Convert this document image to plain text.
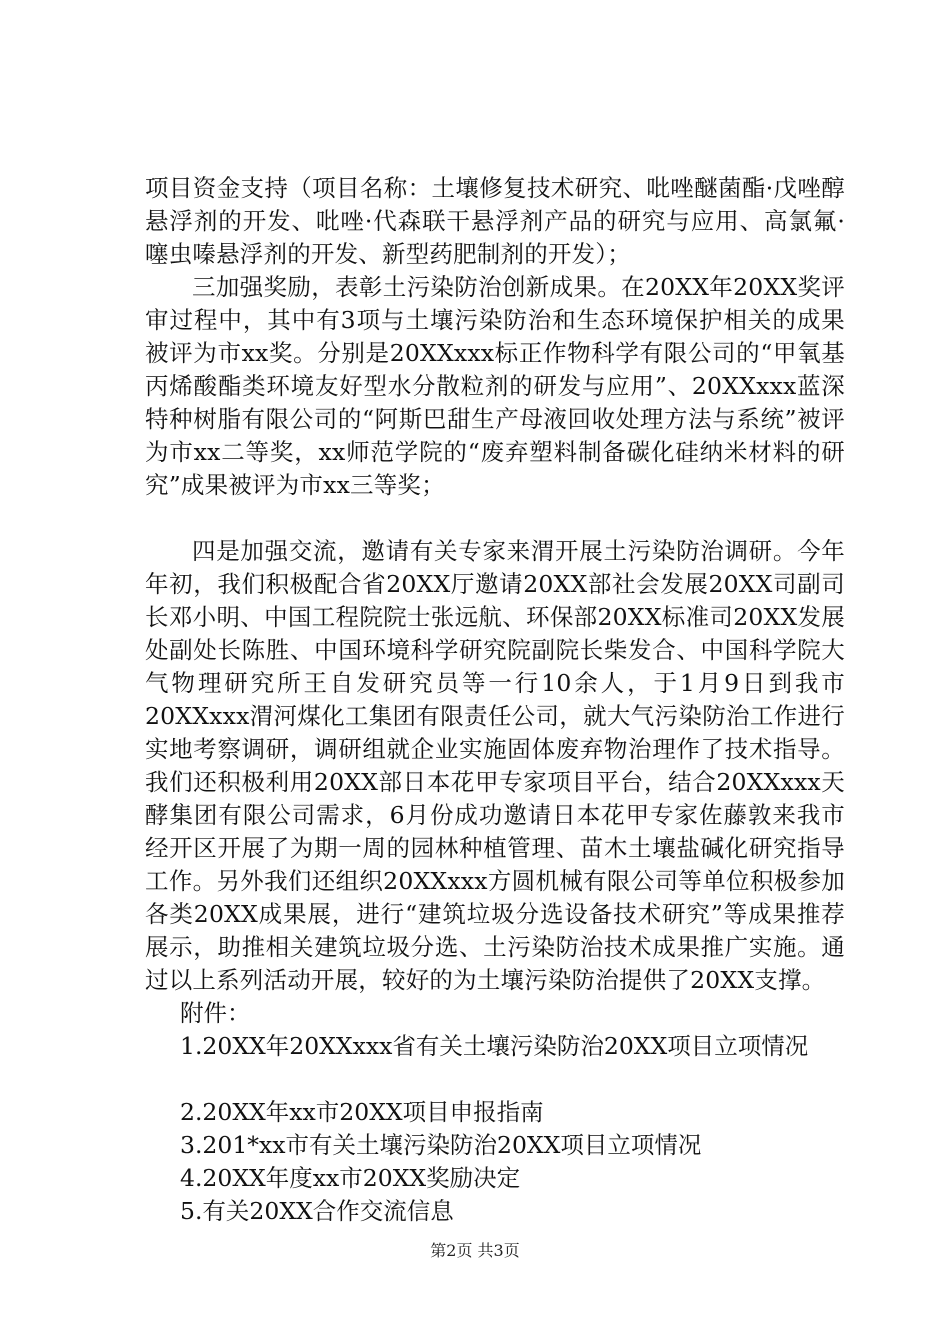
项目资金支持（项目名称：土壤修复技术研究、吡唑醚菌酯·戊唑醇悬浮剂的开发、吡唑·代森联干悬浮剂产品的研究与应用、高氯氟·噻虫嗪悬浮剂的开发、新型药肥制剂的开发）；

三加强奖励，表彰土污染防治创新成果。在20XX年20XX奖评审过程中，其中有3项与土壤污染防治和生态环境保护相关的成果被评为市xx奖。分别是20XXxxx标正作物科学有限公司的“甲氧基丙烯酸酯类环境友好型水分散粒剂的研发与应用”、20XXxxx蓝深特种树脂有限公司的“阿斯巴甜生产母液回收处理方法与系统”被评为市xx二等奖，xx师范学院的“废弃塑料制备碳化硅纳米材料的研究”成果被评为市xx三等奖；

四是加强交流，邀请有关专家来渭开展土污染防治调研。今年年初，我们积极配合省20XX厅邀请20XX部社会发展20XX司副司长邓小明、中国工程院院士张远航、环保部20XX标准司20XX发展处副处长陈胜、中国环境科学研究院副院长柴发合、中国科学院大气物理研究所王自发研究员等一行10余人，于1月9日到我市20XXxxx渭河煤化工集团有限责任公司，就大气污染防治工作进行实地考察调研，调研组就企业实施固体废弃物治理作了技术指导。我们还积极利用20XX部日本花甲专家项目平台，结合20XXxxx天酵集团有限公司需求，6月份成功邀请日本花甲专家佐藤敦来我市经开区开展了为期一周的园林种植管理、苗木土壤盐碱化研究指导工作。另外我们还组织20XXxxx方圆机械有限公司等单位积极参加各类20XX成果展，进行“建筑垃圾分选设备技术研究”等成果推荐展示，助推相关建筑垃圾分选、土污染防治技术成果推广实施。通过以上系列活动开展，较好的为土壤污染防治提供了20XX支撑。

附件：

1.20XX年20XXxxx省有关土壤污染防治20XX项目立项情况
2.20XX年xx市20XX项目申报指南
3.201*xx市有关土壤污染防治20XX项目立项情况
4.20XX年度xx市20XX奖励决定
5.有关20XX合作交流信息
第2页 共3页
